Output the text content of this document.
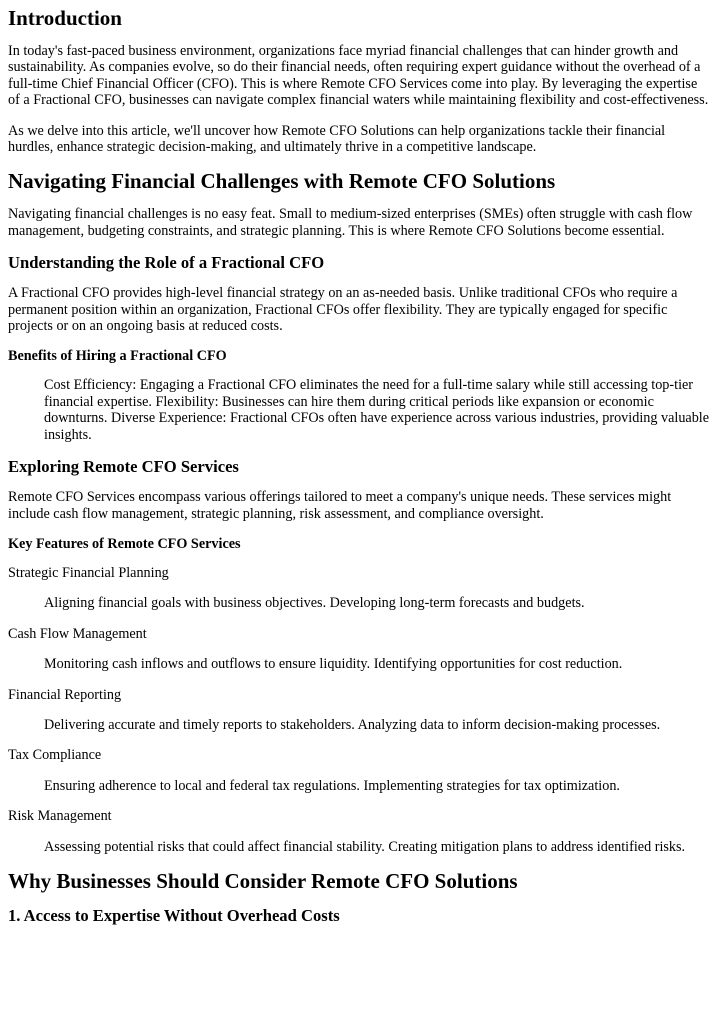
Introduction

In today's fast-paced business environment, organizations face myriad financial challenges that can hinder growth and sustainability. As companies evolve, so do their financial needs, often requiring expert guidance without the overhead of a full-time Chief Financial Officer (CFO). This is where Remote CFO Services come into play. By leveraging the expertise of a Fractional CFO, businesses can navigate complex financial waters while maintaining flexibility and cost-effectiveness.

As we delve into this article, we'll uncover how Remote CFO Solutions can help organizations tackle their financial hurdles, enhance strategic decision-making, and ultimately thrive in a competitive landscape.

Navigating Financial Challenges with Remote CFO Solutions

Navigating financial challenges is no easy feat. Small to medium-sized enterprises (SMEs) often struggle with cash flow management, budgeting constraints, and strategic planning. This is where Remote CFO Solutions become essential.

Understanding the Role of a Fractional CFO

A Fractional CFO provides high-level financial strategy on an as-needed basis. Unlike traditional CFOs who require a permanent position within an organization, Fractional CFOs offer flexibility. They are typically engaged for specific projects or on an ongoing basis at reduced costs.

Benefits of Hiring a Fractional CFO
Cost Efficiency: Engaging a Fractional CFO eliminates the need for a full-time salary while still accessing top-tier financial expertise. Flexibility: Businesses can hire them during critical periods like expansion or economic downturns. Diverse Experience: Fractional CFOs often have experience across various industries, providing valuable insights.
Exploring Remote CFO Services

Remote CFO Services encompass various offerings tailored to meet a company's unique needs. These services might include cash flow management, strategic planning, risk assessment, and compliance oversight.

Key Features of Remote CFO Services

Strategic Financial Planning

Aligning financial goals with business objectives. Developing long-term forecasts and budgets.

Cash Flow Management

Monitoring cash inflows and outflows to ensure liquidity. Identifying opportunities for cost reduction.

Financial Reporting

Delivering accurate and timely reports to stakeholders. Analyzing data to inform decision-making processes.

Tax Compliance

Ensuring adherence to local and federal tax regulations. Implementing strategies for tax optimization.

Risk Management

Assessing potential risks that could affect financial stability. Creating mitigation plans to address identified risks.
Why Businesses Should Consider Remote CFO Solutions
1. Access to Expertise Without Overhead Costs
